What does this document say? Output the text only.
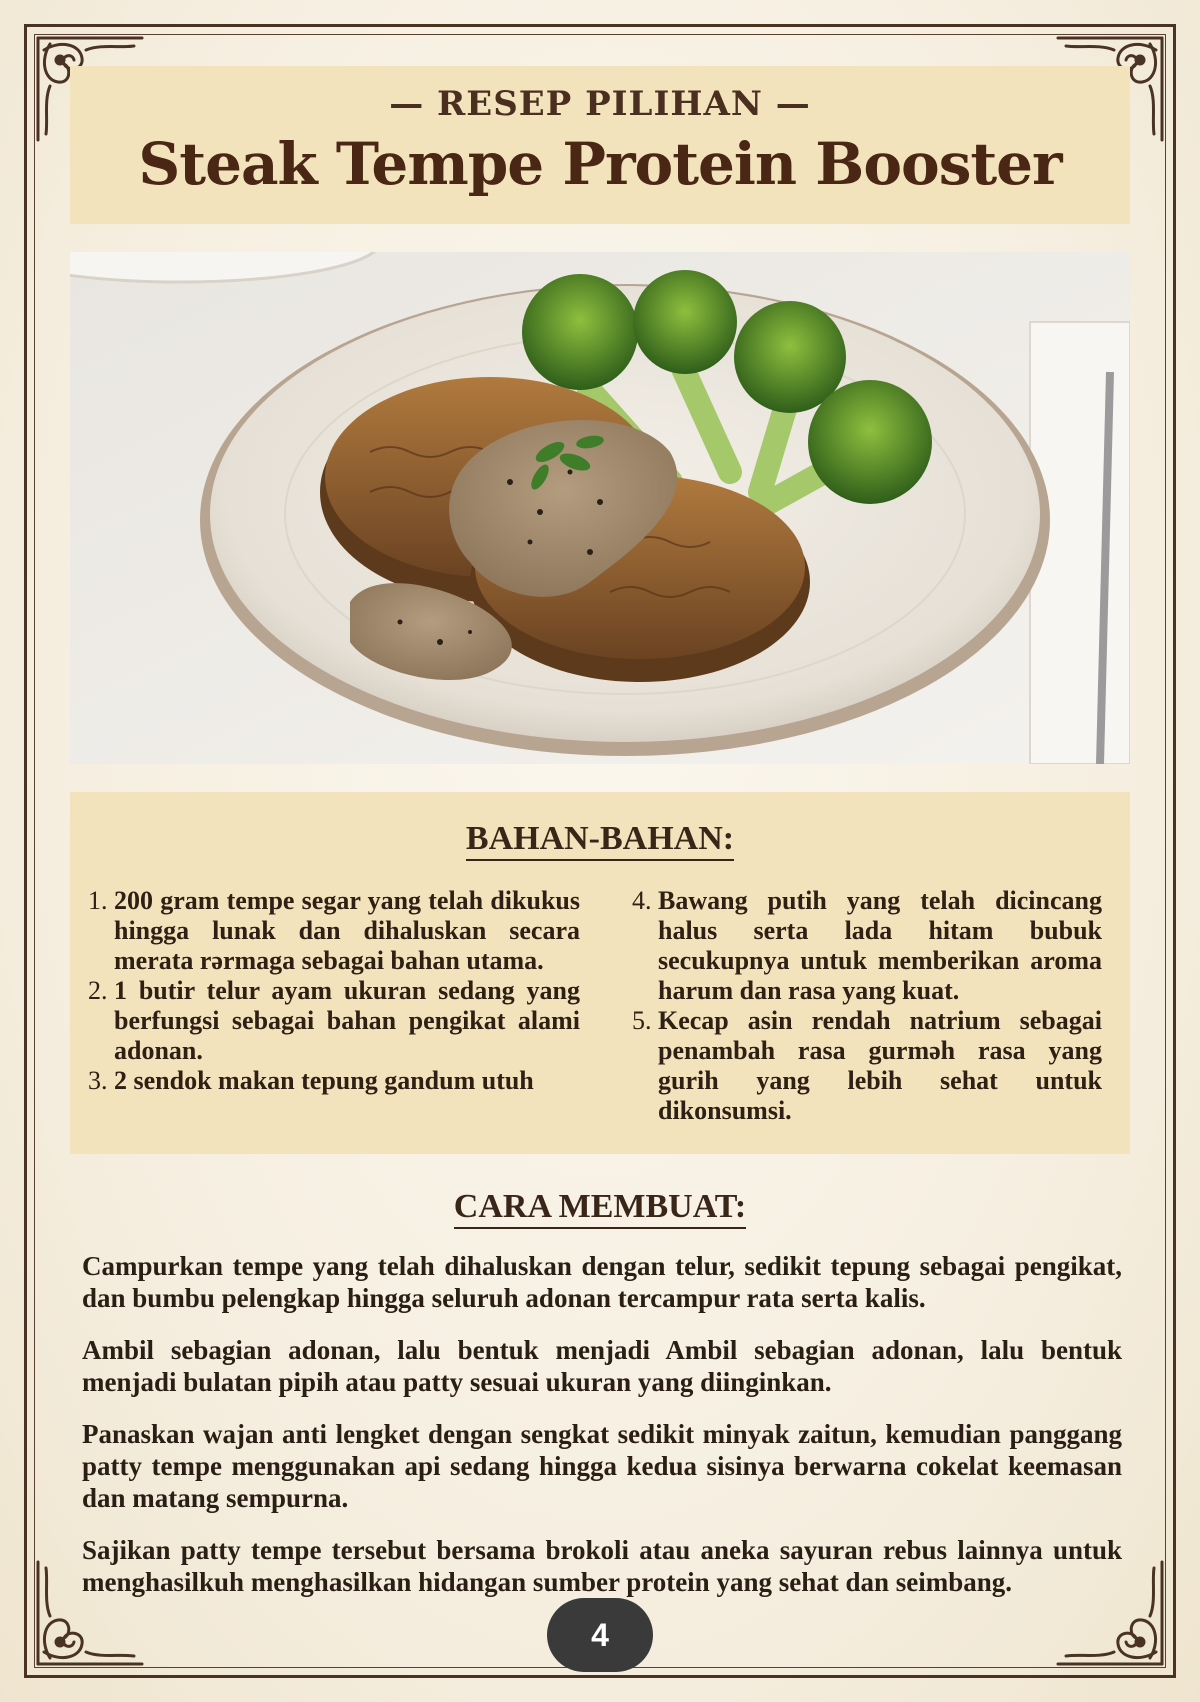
— RESEP PILIHAN —
Steak Tempe Protein Booster
BAHAN-BAHAN:
1. 200 gram tempe segar yang telah dikukus hingga lunak dan dihaluskan secara merata rərmaga sebagai bahan utama.
2. 1 butir telur ayam ukuran sedang yang berfungsi sebagai bahan pengikat alami adonan.
3. 2 sendok makan tepung gandum utuh
4. Bawang putih yang telah dicincang halus serta lada hitam bubuk secukupnya untuk memberikan aroma harum dan rasa yang kuat.
5. Kecap asin rendah natrium sebagai penambah rasa gurməh rasa yang gurih yang lebih sehat untuk dikonsumsi.
CARA MEMBUAT:

Campurkan tempe yang telah dihaluskan dengan telur, sedikit tepung sebagai pengikat, dan bumbu pelengkap hingga seluruh adonan tercampur rata serta kalis.

Ambil sebagian adonan, lalu bentuk menjadi Ambil sebagian adonan, lalu bentuk menjadi bulatan pipih atau patty sesuai ukuran yang diinginkan.

Panaskan wajan anti lengket dengan sengkat sedikit minyak zaitun, kemudian panggang patty tempe menggunakan api sedang hingga kedua sisinya berwarna cokelat keemasan dan matang sempurna.

Sajikan patty tempe tersebut bersama brokoli atau aneka sayuran rebus lainnya untuk menghasilkuh menghasilkan hidangan sumber protein yang sehat dan seimbang.

4
